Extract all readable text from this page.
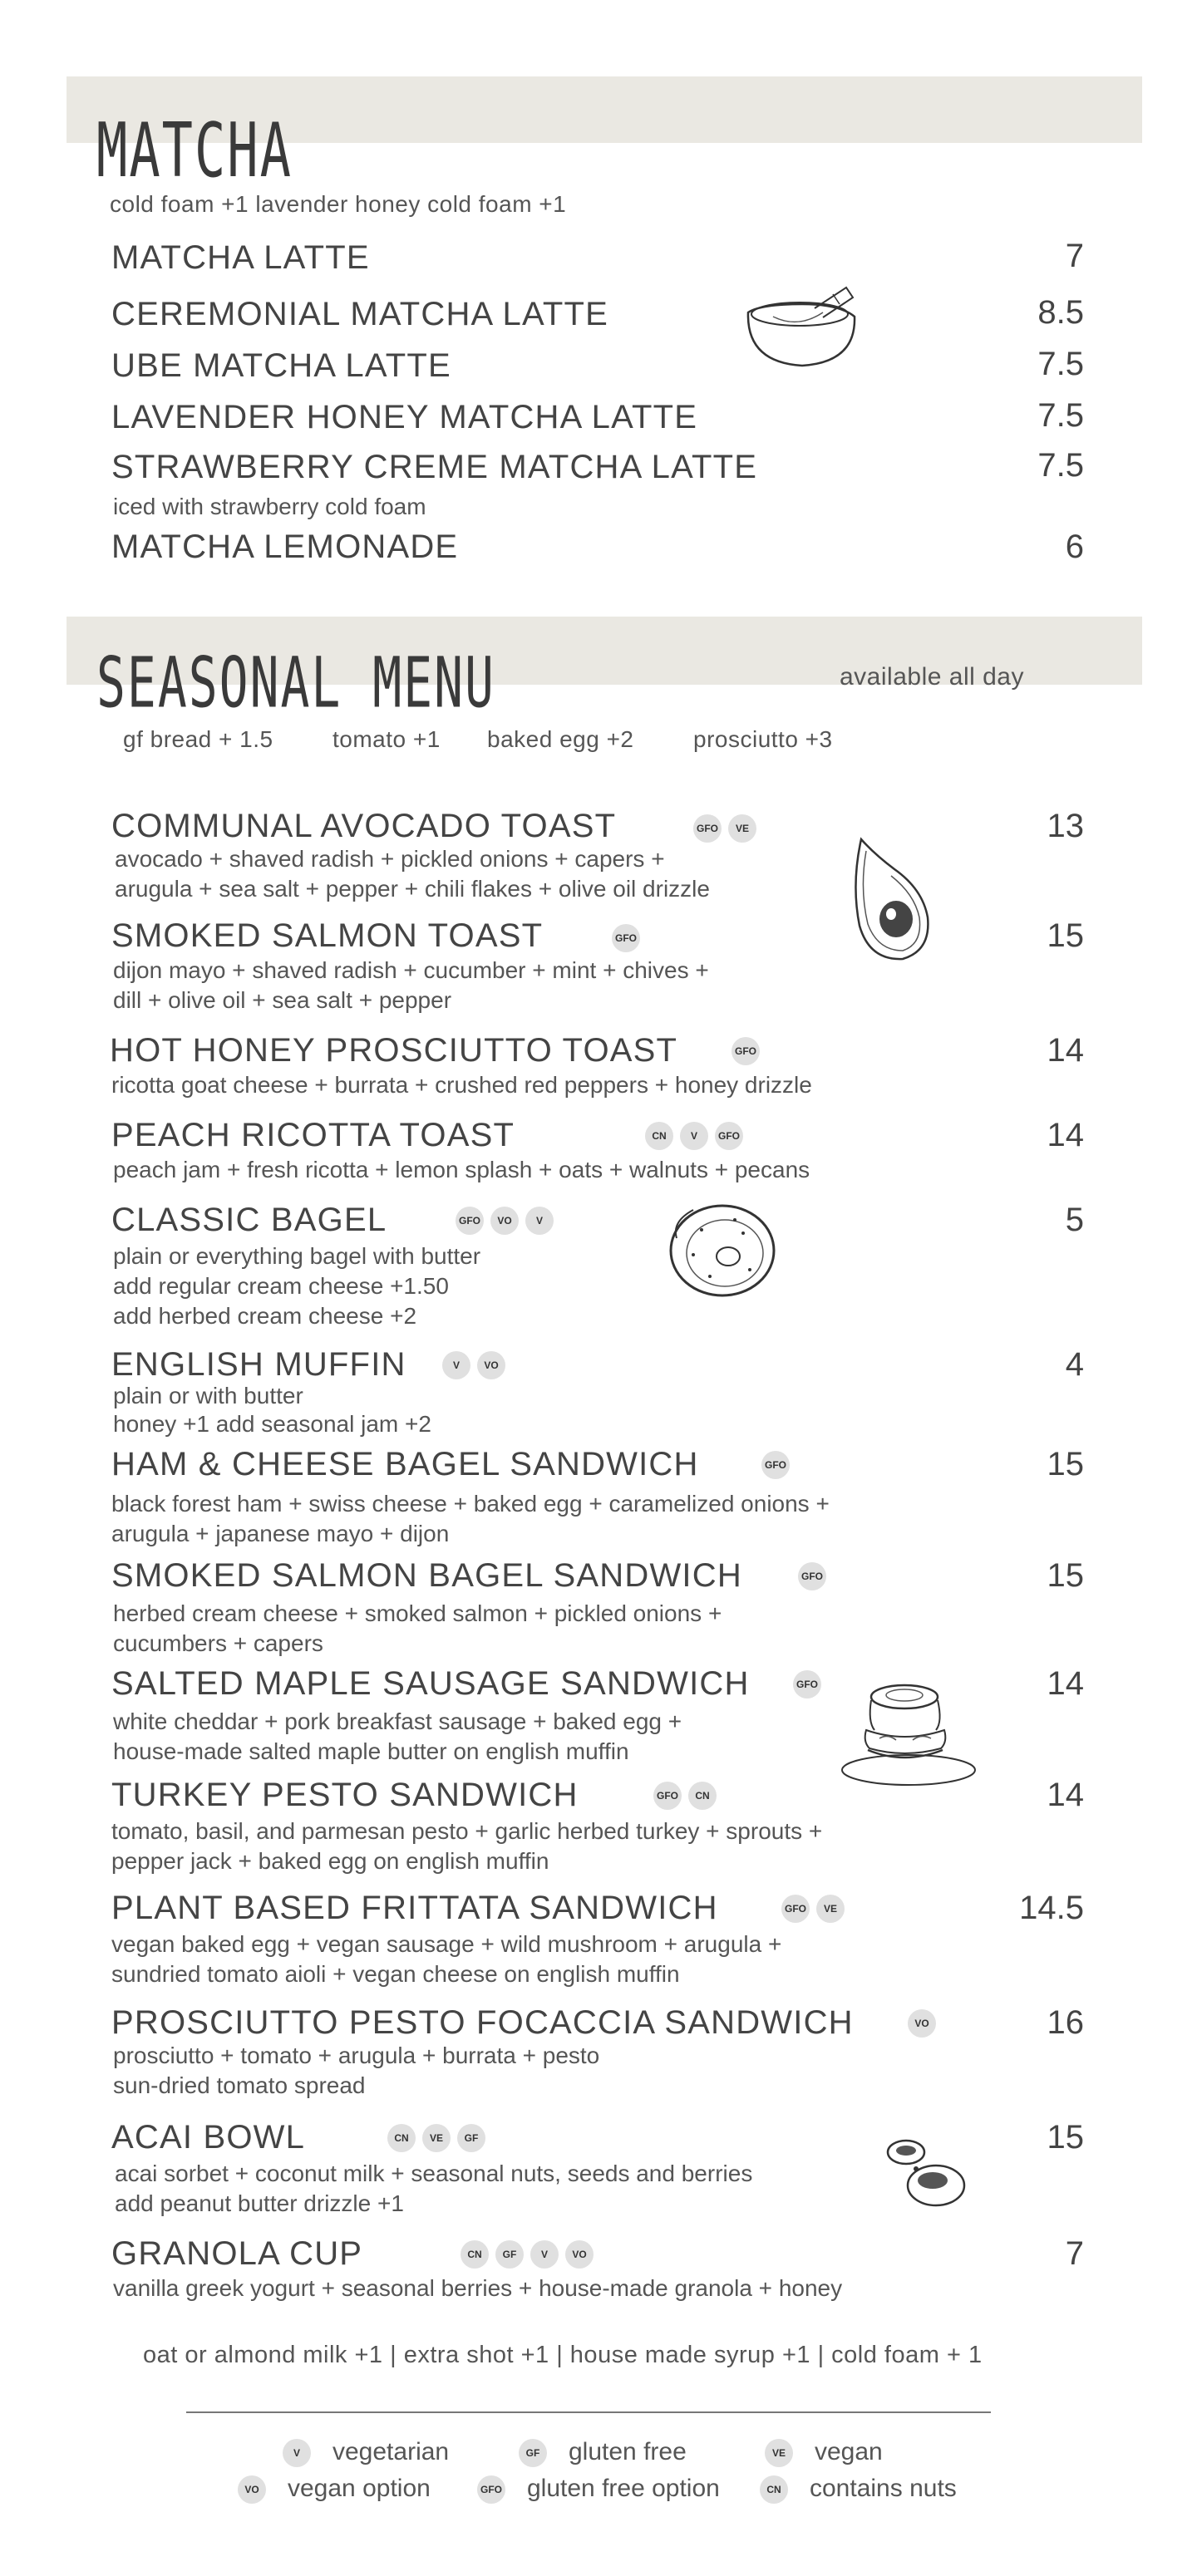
MATCHA
cold foam +1 lavender honey cold foam +1
MATCHA LATTE	7
CEREMONIAL MATCHA LATTE	8.5
UBE MATCHA LATTE	7.5
LAVENDER HONEY MATCHA LATTE	7.5
STRAWBERRY CREME MATCHA LATTE	7.5
iced with strawberry cold foam
MATCHA LEMONADE	6
SEASONAL MENU	available all day
gf bread + 1.5	tomato +1 baked egg +2	prosciutto +3
COMMUNAL AVOCADO TOAST	GFO VE	13
avocado + shaved radish + pickled onions + capers +
arugula + sea salt + pepper + chili flakes + olive oil drizzle
SMOKED SALMON TOAST	GFO	15
dijon mayo + shaved radish + cucumber + mint + chives +
dill + olive oil + sea salt + pepper
HOT HONEY PROSCIUTTO TOAST	GFO	14
ricotta goat cheese + burrata + crushed red peppers + honey drizzle
PEACH RICOTTA TOAST	CN V GFO	14
peach jam + fresh ricotta + lemon splash + oats + walnuts + pecans
CLASSIC BAGEL	GFO VO V	5
plain or everything bagel with butter
add regular cream cheese +1.50
add herbed cream cheese +2
ENGLISH MUFFIN	V VO	4
plain or with butter
honey +1 add seasonal jam +2
HAM & CHEESE BAGEL SANDWICH	GFO	15
black forest ham + swiss cheese + baked egg + caramelized onions +
arugula + japanese mayo + dijon
SMOKED SALMON BAGEL SANDWICH	GFO	15
herbed cream cheese + smoked salmon + pickled onions +
cucumbers + capers
SALTED MAPLE SAUSAGE SANDWICH	GFO	14
white cheddar + pork breakfast sausage + baked egg +
house-made salted maple butter on english muffin
TURKEY PESTO SANDWICH	GFO CN	14
tomato, basil, and parmesan pesto + garlic herbed turkey + sprouts +
pepper jack + baked egg on english muffin
PLANT BASED FRITTATA SANDWICH	GFO VE	14.5
vegan baked egg + vegan sausage + wild mushroom + arugula +
sundried tomato aioli + vegan cheese on english muffin
PROSCIUTTO PESTO FOCACCIA SANDWICH	VO	16
prosciutto + tomato + arugula + burrata + pesto
sun-dried tomato spread
ACAI BOWL	CN VE GF	15
acai sorbet + coconut milk + seasonal nuts, seeds and berries
add peanut butter drizzle +1
GRANOLA CUP	CN GF V VO	7
vanilla greek yogurt + seasonal berries + house-made granola + honey
oat or almond milk +1 | extra shot +1 | house made syrup +1 | cold foam + 1
V vegetarian	GF gluten free	VE vegan
VO vegan option	GFO gluten free option	CN contains nuts
